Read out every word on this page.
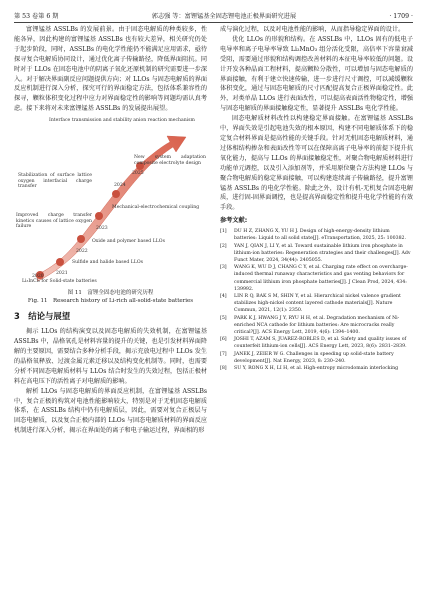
第 53 卷第 6 期	郭志强 等：富锂锰基全固态锂电池正极界面研究进展	· 1709 ·

富锂锰基 ASSLBs 的发展前景。由于固态电解质的种类较多，性能各异，因此构建的富锂锰基 ASSLBs 也有较大差异，相关研究仍处于起步阶段，同时，ASSLBs 的电化学性能仍不能满足应用需求，亟待探寻复合电解质协同设计，通过优化离子传输路径，降低界面阻抗。同时对于 LLOs 在固态电池中的阴离子氧化还原机制的研究需要进一步深入。对于解决界面副反应问题提供方向；对 LLOs 与固态电解质的界面反应机制进行深入分析，探究可行的界面稳定方法，包括体系兼容性的探寻，颗粒体积变化过程中应力对界面稳定性的影响等问题均需认真考虑。接下来将对未来富锂锰基 ASSLBs 的发展提出展望。

Interface transmission and stability anion reaction mechanism
New system adaptation composite electrolyte design
2025
Stabilization of surface lattice oxygen interfacial charge transfer	2024
Mechanical-electrochemical coupling
Improved charge transfer kinetics causes of lattice oxygen failure	2023
Oxide and polymer based LLOs
2022
Sulfide and halide based LLOs
2021
2020
Li₃InCl₆ for Solid-state batteries
图 11　富锂全固态电池的研究历程
Fig. 11　Research history of Li-rich all-solid-state batteries
3　结论与展望

揭示 LLOs 的结构演变以及固态电解质的失效机制，在富锂锰基 ASSLBs 中，晶格氧孔是材料容量的提升的关键，也是引发材料界面降解的主要原因，需要结合多种分析手段，揭示充放电过程中 LLOs 发生的晶格氧释放、过渡金属元素迁移以及结构变化机制等。同时，也需要分析不同固态电解质材料与 LLOs 结合时发生的失效过程，包括正极材料在高电压下的活性离子对电解质的影响。

解析 LLOs 与固态电解质的界面反应机制，在富锂锰基 ASSLBs 中，复合正极的构筑对电池性能影响较大，特别是对于无机固态电解质体系，在 ASSLBs 结构中仍有电解质层，因此，需要对复合正极层与固态电解质，以及复合正极内部的 LLOs 与固态电解质材料的界面反应机制进行深入分析，揭示在界面处的离子和电子输运过程，界面相的形

成与演化过程，以及对电池性能的影响，从而指导稳定界面的设计。

优化 LLOs 的形貌和结构。在 ASSLBs 中，LLOs 固有的低电子电导率和离子电导率导致 Li₂MnO₃ 组分活化受限，高倍率下容量衰减受阻，需要通过形貌和结构调控改善材料的本征电导率较低的问题。设计开发各种晶面工程材料，提高颗粒分散性，可以增加与固态电解质的界面接触，有利于建立快速传输，进一步进行尺寸调控，可以减缓颗粒体积变化，通过与固态电解质的尺寸匹配提高复合正极界面稳定性。此外，对类单晶 LLOs 进行表面改性，可以提高表面活性物稳定性，增强与固态电解质的界面接触稳定性，显著提升 ASSLBs 电化学性能。

固态电解质材料改性以构建稳定界面接触。在富锂锰基 ASSLBs 中，界面失效是引起电池失效的根本原因，构建不同电解质体系下的稳定复合材料界面是提高性能的关键手段。针对无机固态电解质材料，通过体相结构掺杂和表面改性等可以在保障高离子电导率的前提下提升抗氧化能力，提高与 LLOs 的界面接触稳定性，对聚合物电解质材料进行功能单元调控，以及引入添加剂等，并采用原位聚合方法构建 LLOs 与聚合物电解质的稳定界面接触，可以构建连续离子传输路径，提升富锂锰基 ASSLBs 的电化学性能。除此之外，设计有机-无机复合固态电解质，进行固-固界面调控，也是提高界面稳定性和提升电化学性能的有效手段。

参考文献:
[1]	DU H Z, ZHANG X, YU H J. Design of high-energy-density lithium batteries: Liquid to all solid state[J]. eTransportation, 2025, 25: 100382.
[2]	YAN J, QIAN J, LI Y, et al. Toward sustainable lithium iron phosphate in lithium-ion batteries: Regeneration strategies and their challenges[J]. Adv Funct Mater, 2024, 34(44): 2405055.
[3]	WANG K, WU D J, CHANG C Y, et al. Charging rate effect on overcharge-induced thermal runaway characteristics and gas venting behaviors for commercial lithium iron phosphate batteries[J]. J Clean Prod, 2024, 434: 139992.
[4]	LIN R Q, BAK S M, SHIN Y, et al. Hierarchical nickel valence gradient stabilizes high-nickel content layered cathode materials[J]. Nature Commun, 2021, 12(1): 2350.
[5]	PARK K J, HWANG J Y, RYU H H, et al. Degradation mechanism of Ni-enriched NCA cathode for lithium batteries: Are microcracks really critical?[J]. ACS Energy Lett, 2019, 4(6): 1394–1400.
[6]	JOSHI T, AZAM S, JUAREZ-ROBLES D, et al. Safety and quality issues of counterfeit lithium-ion cells[J]. ACS Energy Lett, 2023, 8(6): 2831–2839.
[7]	JANEK J, ZEIER W G. Challenges in speeding up solid-state battery development[J]. Nat Energy, 2023, 8: 230–240.
[8]	SU Y, RONG X H, LI H, et al. High-entropy microdomain interlocking
